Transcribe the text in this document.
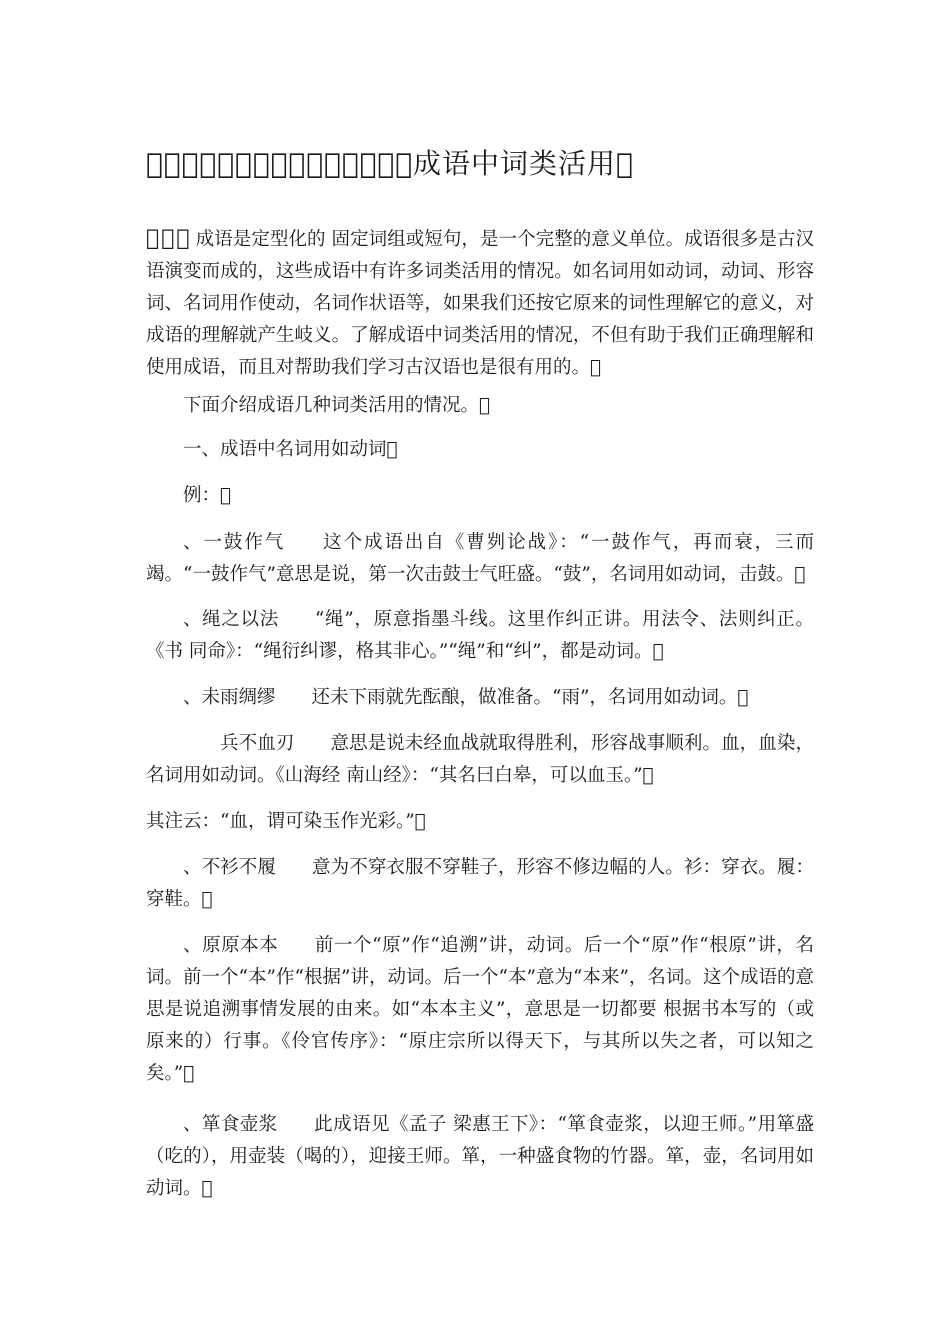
󲕰󲕱󲕲󲕳󲕴󲕵󲕶󲕷󲕸󲕹󲕺󲕻󲕼󲕽󲕾成语中词类活用󲕿
󲖀󲖁󲖂 成语是定型化的 固定词组或短句，是一个完整的意义单位。成语很多是古汉语演变而成的，这些成语中有许多词类活用的情况。如名词用如动词，动词、形容词、名词用作使动，名词作状语等，如果我们还按它原来的词性理解它的意义，对成语的理解就产生岐义。了解成语中词类活用的情况，不但有助于我们正确理解和使用成语，而且对帮助我们学习古汉语也是很有用的。󲖃
下面介绍成语几种词类活用的情况。󲖄
一、成语中名词用如动词󲖅
例：󲖆
、一鼓作气 这个成语出自《曹刿论战》：“一鼓作气，再而衰，三而竭。“一鼓作气”意思是说，第一次击鼓士气旺盛。“鼓”，名词用如动词，击鼓。󲖇
、绳之以法 “绳”，原意指墨斗线。这里作纠正讲。用法令、法则纠正。《书 同命》：“绳衍纠谬，格其非心。”“绳”和“纠”，都是动词。󲖈
、未雨绸缪 还未下雨就先酝酿，做准备。“雨”，名词用如动词。󲖉
兵不血刃 意思是说未经血战就取得胜利，形容战事顺利。血，血染，名词用如动词。《山海经 南山经》：“其名曰白皋，可以血玉。”󲖊
其注云：“血，谓可染玉作光彩。”󲖋
、不衫不履 意为不穿衣服不穿鞋子，形容不修边幅的人。衫：穿衣。履：穿鞋。󲖌
、原原本本 前一个“原”作“追溯”讲，动词。后一个“原”作“根原”讲，名词。前一个“本”作“根据”讲，动词。后一个“本”意为“本来”，名词。这个成语的意思是说追溯事情发展的由来。如“本本主义”，意思是一切都要 根据书本写的（或原来的）行事。《伶官传序》：“原庄宗所以得天下，与其所以失之者，可以知之矣。”󲖍
、箪食壶浆 此成语见《孟子 梁惠王下》：“箪食壶浆，以迎王师。”用箪盛（吃的），用壶装（喝的），迎接王师。箪，一种盛食物的竹器。箪，壶，名词用如动词。󲖎
